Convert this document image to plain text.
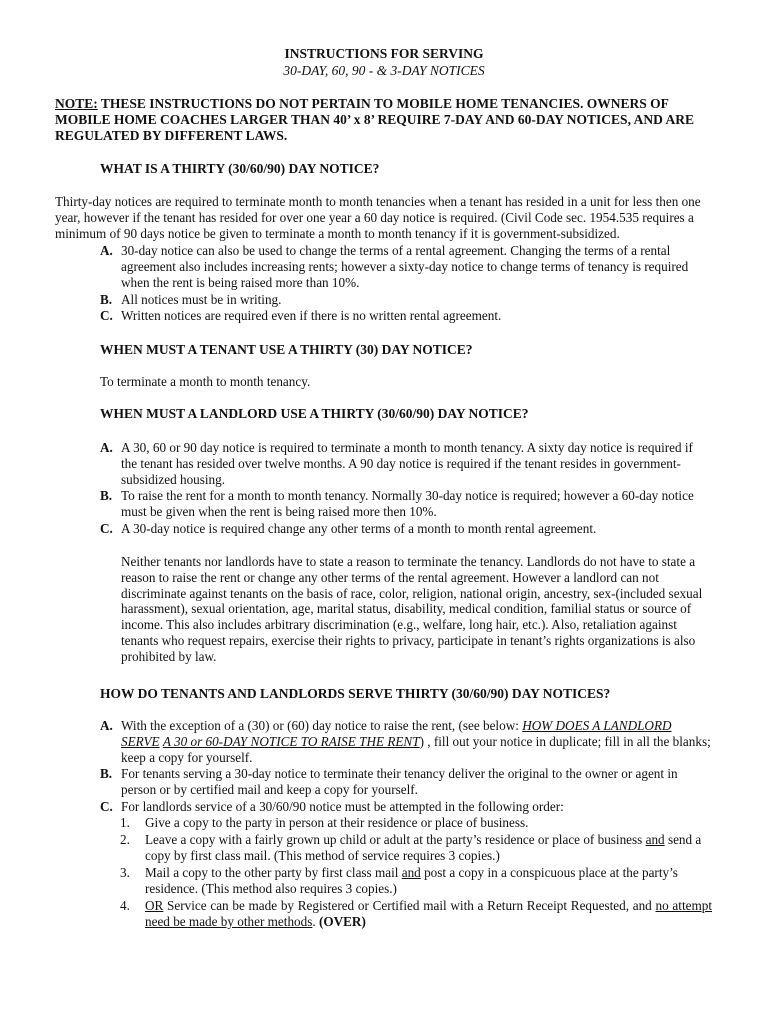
INSTRUCTIONS FOR SERVING
30-DAY, 60, 90 - & 3-DAY NOTICES
NOTE: THESE INSTRUCTIONS DO NOT PERTAIN TO MOBILE HOME TENANCIES. OWNERS OF MOBILE HOME COACHES LARGER THAN 40’ x 8’ REQUIRE 7-DAY AND 60-DAY NOTICES, AND ARE REGULATED BY DIFFERENT LAWS.
WHAT IS A THIRTY (30/60/90) DAY NOTICE?
Thirty-day notices are required to terminate month to month tenancies when a tenant has resided in a unit for less then one year, however if the tenant has resided for over one year a 60 day notice is required. (Civil Code sec. 1954.535 requires a minimum of 90 days notice be given to terminate a month to month tenancy if it is government-subsidized.
A. 30-day notice can also be used to change the terms of a rental agreement. Changing the terms of a rental agreement also includes increasing rents; however a sixty-day notice to change terms of tenancy is required when the rent is being raised more than 10%.
B. All notices must be in writing.
C. Written notices are required even if there is no written rental agreement.
WHEN MUST A TENANT USE A THIRTY (30) DAY NOTICE?
To terminate a month to month tenancy.
WHEN MUST A LANDLORD USE A THIRTY (30/60/90) DAY NOTICE?
A. A 30, 60 or 90 day notice is required to terminate a month to month tenancy. A sixty day notice is required if the tenant has resided over twelve months. A 90 day notice is required if the tenant resides in government-subsidized housing.
B. To raise the rent for a month to month tenancy. Normally 30-day notice is required; however a 60-day notice must be given when the rent is being raised more then 10%.
C. A 30-day notice is required change any other terms of a month to month rental agreement.
Neither tenants nor landlords have to state a reason to terminate the tenancy. Landlords do not have to state a reason to raise the rent or change any other terms of the rental agreement. However a landlord can not discriminate against tenants on the basis of race, color, religion, national origin, ancestry, sex-(included sexual harassment), sexual orientation, age, marital status, disability, medical condition, familial status or source of income. This also includes arbitrary discrimination (e.g., welfare, long hair, etc.). Also, retaliation against tenants who request repairs, exercise their rights to privacy, participate in tenant’s rights organizations is also prohibited by law.
HOW DO TENANTS AND LANDLORDS SERVE THIRTY (30/60/90) DAY NOTICES?
A. With the exception of a (30) or (60) day notice to raise the rent, (see below: HOW DOES A LANDLORD SERVE A 30 or 60-DAY NOTICE TO RAISE THE RENT) , fill out your notice in duplicate; fill in all the blanks; keep a copy for yourself.
B. For tenants serving a 30-day notice to terminate their tenancy deliver the original to the owner or agent in person or by certified mail and keep a copy for yourself.
C. For landlords service of a 30/60/90 notice must be attempted in the following order:
1. Give a copy to the party in person at their residence or place of business.
2. Leave a copy with a fairly grown up child or adult at the party’s residence or place of business and send a copy by first class mail. (This method of service requires 3 copies.)
3. Mail a copy to the other party by first class mail and post a copy in a conspicuous place at the party’s residence. (This method also requires 3 copies.)
4. OR Service can be made by Registered or Certified mail with a Return Receipt Requested, and no attempt need be made by other methods. (OVER)
